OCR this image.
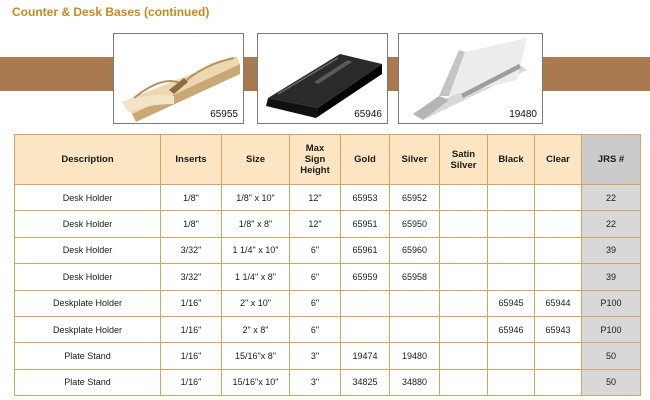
Counter & Desk Bases (continued)
65955	65946	19480
Description	Inserts	Size	Max Sign Height	Gold	Silver	Satin Silver	Black	Clear	JRS #
Desk Holder	1/8"	1/8" x 10"	12"	65953	65952				22
Desk Holder	1/8"	1/8" x 8"	12"	65951	65950				22
Desk Holder	3/32"	1 1/4" x 10"	6"	65961	65960				39
Desk Holder	3/32"	1 1/4" x 8"	6"	65959	65958				39
Deskplate Holder	1/16"	2" x 10"	6"				65945	65944	P100
Deskplate Holder	1/16"	2" x 8"	6"				65946	65943	P100
Plate Stand	1/16"	15/16"x 8"	3"	19474	19480				50
Plate Stand	1/16"	15/16"x 10"	3"	34825	34880				50
